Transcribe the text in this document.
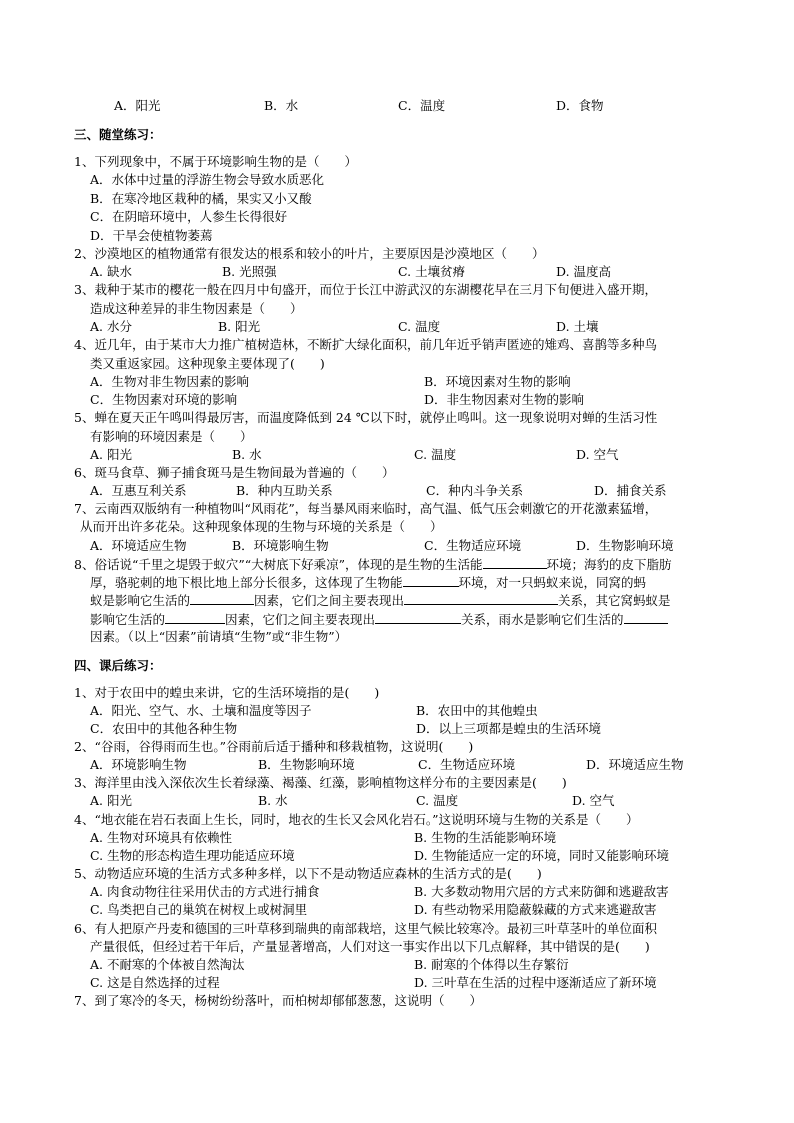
A．阳光	B．水	C．温度	D．食物
三、随堂练习：
1、下列现象中，不属于环境影响生物的是（　　）
A．水体中过量的浮游生物会导致水质恶化
B．在寒冷地区栽种的橘，果实又小又酸
C．在阴暗环境中，人参生长得很好
D．干旱会使植物萎蔫
2、沙漠地区的植物通常有很发达的根系和较小的叶片，主要原因是沙漠地区（　　）
A. 缺水	B. 光照强	C. 土壤贫瘠	D. 温度高
3、栽种于某市的樱花一般在四月中旬盛开，而位于长江中游武汉的东湖樱花早在三月下旬便进入盛开期，
造成这种差异的非生物因素是（　　）
A. 水分	B. 阳光	C. 温度	D. 土壤
4、近几年，由于某市大力推广植树造林，不断扩大绿化面积，前几年近乎销声匿迹的雉鸡、喜鹊等多种鸟
类又重返家园。这种现象主要体现了(　　)
A．生物对非生物因素的影响	B．环境因素对生物的影响
C．生物因素对环境的影响	D．非生物因素对生物的影响
5、蝉在夏天正午鸣叫得最厉害，而温度降低到 24 ℃以下时，就停止鸣叫。这一现象说明对蝉的生活习性
有影响的环境因素是（　　）
A. 阳光	B. 水	C. 温度	D. 空气
6、斑马食草、狮子捕食斑马是生物间最为普遍的（　　）
A．互惠互利关系	B．种内互助关系	C．种内斗争关系	D．捕食关系
7、云南西双版纳有一种植物叫“风雨花”，每当暴风雨来临时，高气温、低气压会刺激它的开花激素猛增，
从而开出许多花朵。这种现象体现的生物与环境的关系是（　　）
A．环境适应生物	B．环境影响生物	C．生物适应环境	D．生物影响环境
8、俗话说“千里之堤毁于蚁穴”“大树底下好乘凉”，体现的是生物的生活能	环境；海豹的皮下脂肪
厚，骆驼刺的地下根比地上部分长很多，这体现了生物能	环境，对一只蚂蚁来说，同窝的蚂
蚁是影响它生活的	因素，它们之间主要表现出	关系，其它窝蚂蚁是
影响它生活的	因素，它们之间主要表现出	关系，雨水是影响它们生活的
因素。（以上“因素”前请填“生物”或“非生物”）
四、课后练习：
1、对于农田中的蝗虫来讲，它的生活环境指的是(　　)
A．阳光、空气、水、土壤和温度等因子	B．农田中的其他蝗虫
C．农田中的其他各种生物	D．以上三项都是蝗虫的生活环境
2、“谷雨，谷得雨而生也。”谷雨前后适于播种和移栽植物，这说明(　　)
A．环境影响生物	B．生物影响环境	C．生物适应环境	D．环境适应生物
3、海洋里由浅入深依次生长着绿藻、褐藻、红藻，影响植物这样分布的主要因素是(　　)
A. 阳光	B. 水	C. 温度	D. 空气
4、“地衣能在岩石表面上生长，同时，地衣的生长又会风化岩石。”这说明环境与生物的关系是（　　）
A. 生物对环境具有依赖性	B. 生物的生活能影响环境
C. 生物的形态构造生理功能适应环境	D. 生物能适应一定的环境，同时又能影响环境
5、动物适应环境的生活方式多种多样，以下不是动物适应森林的生活方式的是(　　)
A. 肉食动物往往采用伏击的方式进行捕食	B. 大多数动物用穴居的方式来防御和逃避敌害
C. 鸟类把自己的巢筑在树杈上或树洞里	D. 有些动物采用隐蔽躲藏的方式来逃避敌害
6、有人把原产丹麦和德国的三叶草移到瑞典的南部栽培，这里气候比较寒冷。最初三叶草茎叶的单位面积
产量很低，但经过若干年后，产量显著增高，人们对这一事实作出以下几点解释，其中错误的是(　　)
A. 不耐寒的个体被自然淘汰	B. 耐寒的个体得以生存繁衍
C. 这是自然选择的过程	D. 三叶草在生活的过程中逐渐适应了新环境
7、到了寒冷的冬天，杨树纷纷落叶，而柏树却郁郁葱葱，这说明（　　）
